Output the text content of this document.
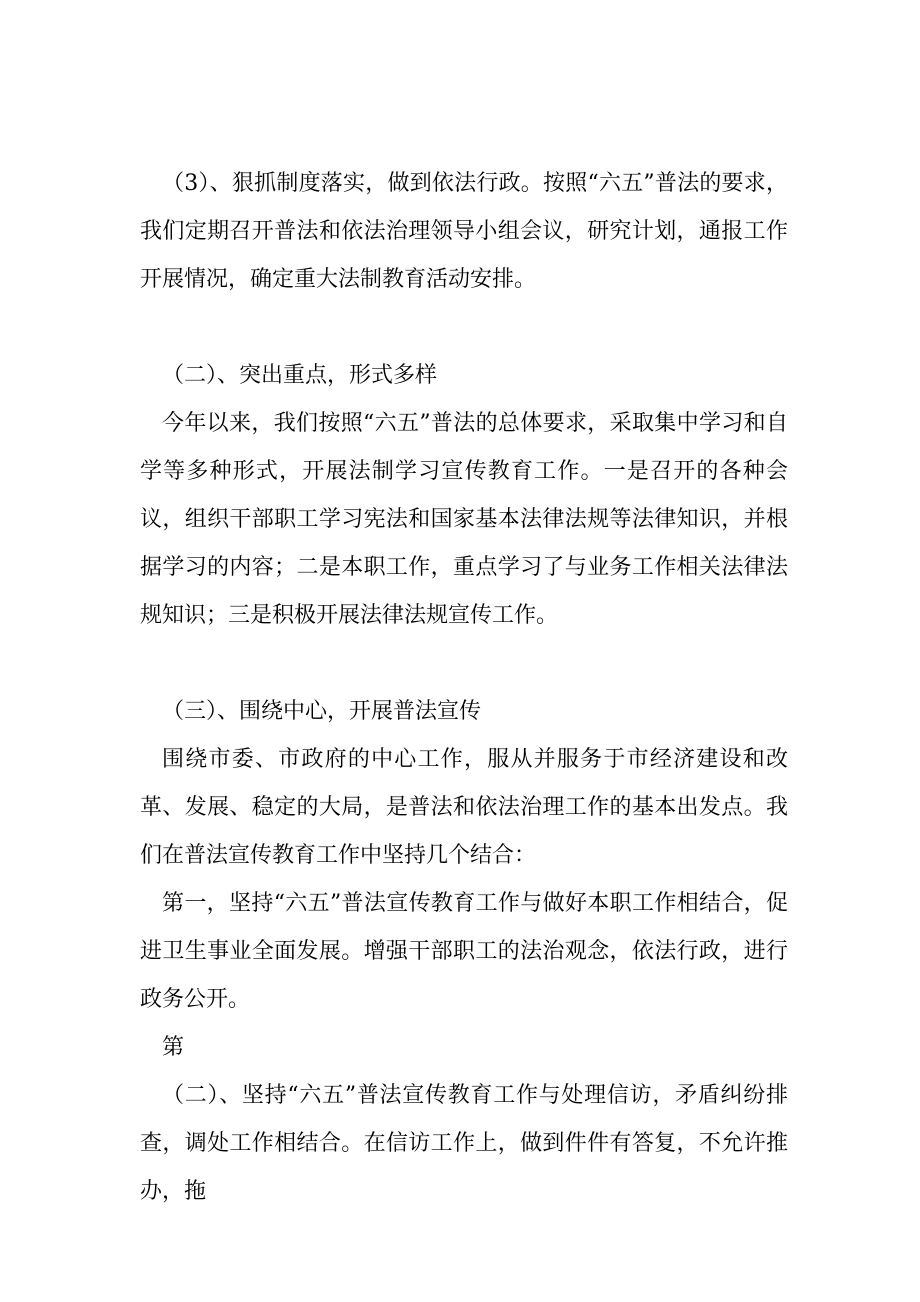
（3）、狠抓制度落实，做到依法行政。按照“六五”普法的要求，我们定期召开普法和依法治理领导小组会议，研究计划，通报工作开展情况，确定重大法制教育活动安排。

（二）、突出重点，形式多样

今年以来，我们按照“六五”普法的总体要求，采取集中学习和自学等多种形式，开展法制学习宣传教育工作。一是召开的各种会议，组织干部职工学习宪法和国家基本法律法规等法律知识，并根据学习的内容；二是本职工作，重点学习了与业务工作相关法律法规知识；三是积极开展法律法规宣传工作。

（三）、围绕中心，开展普法宣传

围绕市委、市政府的中心工作，服从并服务于市经济建设和改革、发展、稳定的大局，是普法和依法治理工作的基本出发点。我们在普法宣传教育工作中坚持几个结合：

第一，坚持“六五”普法宣传教育工作与做好本职工作相结合，促进卫生事业全面发展。增强干部职工的法治观念，依法行政，进行政务公开。

第

（二）、坚持“六五”普法宣传教育工作与处理信访，矛盾纠纷排查，调处工作相结合。在信访工作上，做到件件有答复，不允许推办，拖
